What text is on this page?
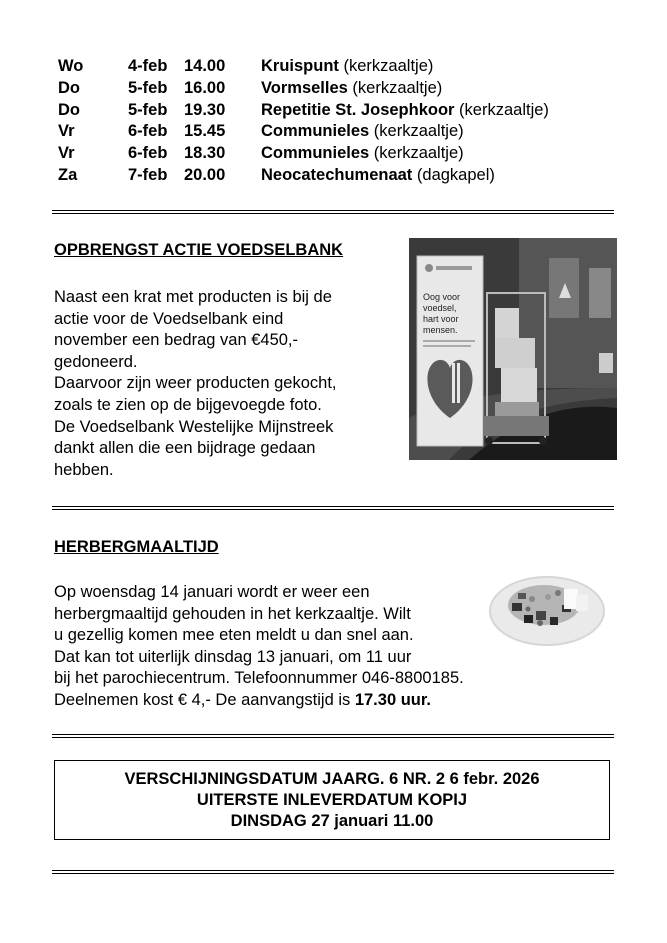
Wo	4-feb 14.00 Kruispunt (kerkzaaltje)
Do	5-feb 16.00 Vormselles (kerkzaaltje)
Do	5-feb 19.30 Repetitie St. Josephkoor (kerkzaaltje)
Vr	6-feb 15.45 Communieles (kerkzaaltje)
Vr	6-feb 18.30 Communieles (kerkzaaltje)
Za	7-feb 20.00 Neocatechumenaat (dagkapel)
OPBRENGST ACTIE VOEDSELBANK
Naast een krat met producten is bij de
actie voor de Voedselbank eind
november een bedrag van €450,-
gedoneerd.
Daarvoor zijn weer producten gekocht,
zoals te zien op de bijgevoegde foto.
De Voedselbank Westelijke Mijnstreek
dankt allen die een bijdrage gedaan
hebben.
Oog voor
voedsel,
hart voor
mensen.
HERBERGMAALTIJD
Op woensdag 14 januari wordt er weer een
herbergmaaltijd gehouden in het kerkzaaltje. Wilt
u gezellig komen mee eten meldt u dan snel aan.
Dat kan tot uiterlijk dinsdag 13 januari, om 11 uur
bij het parochiecentrum. Telefoonnummer 046-8800185.
Deelnemen kost € 4,- De aanvangstijd is 17.30 uur.
VERSCHIJNINGSDATUM JAARG. 6 NR. 2 6 febr. 2026
UITERSTE INLEVERDATUM KOPIJ
DINSDAG 27 januari 11.00
